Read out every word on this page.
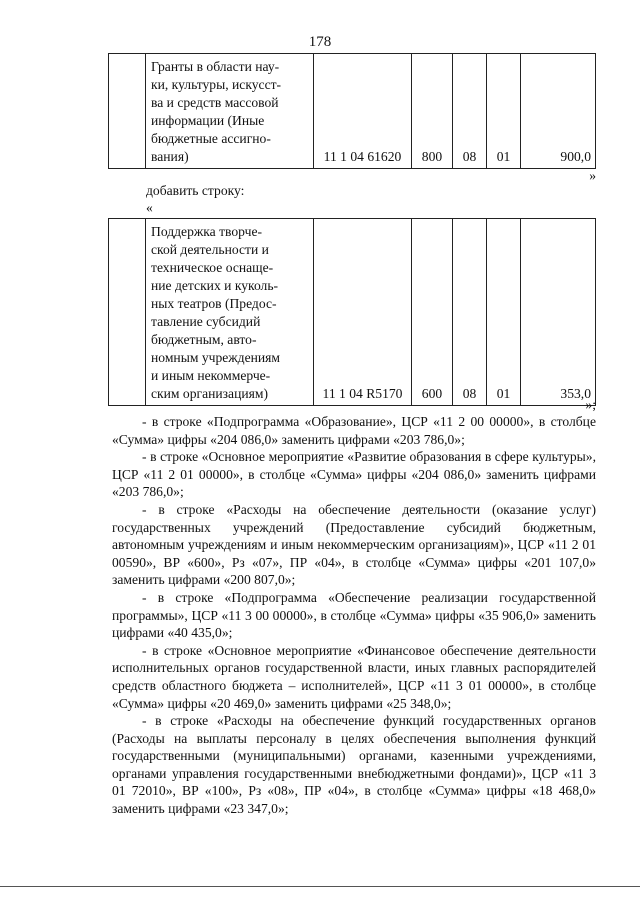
178
	Гранты в области нау-
ки, культуры, искусст-
ва и средств массовой
информации (Иные
бюджетные ассигно-
вания)	11 1 04 61620	800	08	01	900,0
»
добавить строку:
«
	Поддержка творче-
ской деятельности и
техническое оснаще-
ние детских и куколь-
ных театров (Предос-
тавление субсидий
бюджетным, авто-
номным учреждениям
и иным некоммерче-
ским организациям)	11 1 04 R5170	600	08	01	353,0
»;

- в строке «Подпрограмма «Образование», ЦСР «11 2 00 00000», в столбце «Сумма» цифры «204 086,0» заменить цифрами «203 786,0»;

- в строке «Основное мероприятие «Развитие образования в сфере культуры», ЦСР «11 2 01 00000», в столбце «Сумма» цифры «204 086,0» заменить цифрами «203 786,0»;

- в строке «Расходы на обеспечение деятельности (оказание услуг) государственных учреждений (Предоставление субсидий бюджетным, автономным учреждениям и иным некоммерческим организациям)», ЦСР «11 2 01 00590», ВР «600», Рз «07», ПР «04», в столбце «Сумма» цифры «201 107,0» заменить цифрами «200 807,0»;

- в строке «Подпрограмма «Обеспечение реализации государственной программы», ЦСР «11 3 00 00000», в столбце «Сумма» цифры «35 906,0» заменить цифрами «40 435,0»;

- в строке «Основное мероприятие «Финансовое обеспечение деятельности исполнительных органов государственной власти, иных главных распорядителей средств областного бюджета – исполнителей», ЦСР «11 3 01 00000», в столбце «Сумма» цифры «20 469,0» заменить цифрами «25 348,0»;

- в строке «Расходы на обеспечение функций государственных органов (Расходы на выплаты персоналу в целях обеспечения выполнения функций государственными (муниципальными) органами, казенными учреждениями, органами управления государственными внебюджетными фондами)», ЦСР «11 3 01 72010», ВР «100», Рз «08», ПР «04», в столбце «Сумма» цифры «18 468,0» заменить цифрами «23 347,0»;
